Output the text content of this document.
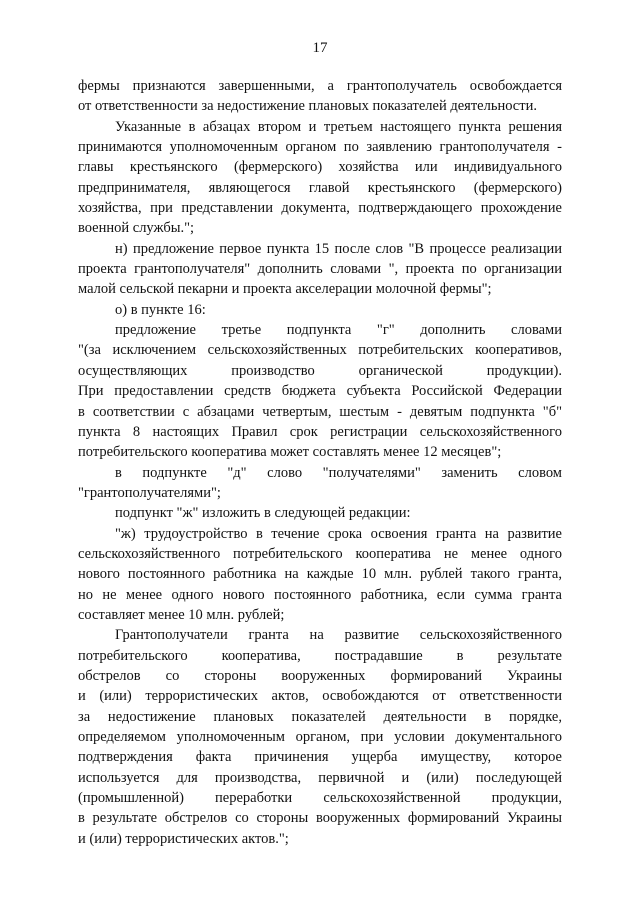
17
фермы признаются завершенными, а грантополучатель освобождается
от ответственности за недостижение плановых показателей деятельности.
Указанные в абзацах втором и третьем настоящего пункта решения
принимаются уполномоченным органом по заявлению грантополучателя -
главы крестьянского (фермерского) хозяйства или индивидуального
предпринимателя, являющегося главой крестьянского (фермерского)
хозяйства, при представлении документа, подтверждающего прохождение
военной службы.";
н) предложение первое пункта 15 после слов "В процессе реализации
проекта грантополучателя" дополнить словами ", проекта по организации
малой сельской пекарни и проекта акселерации молочной фермы";
о) в пункте 16:
предложение третье подпункта "г" дополнить словами
"(за исключением сельскохозяйственных потребительских кооперативов,
осуществляющих производство органической продукции).
При предоставлении средств бюджета субъекта Российской Федерации
в соответствии с абзацами четвертым, шестым - девятым подпункта "б"
пункта 8 настоящих Правил срок регистрации сельскохозяйственного
потребительского кооператива может составлять менее 12 месяцев";
в подпункте "д" слово "получателями" заменить словом
"грантополучателями";
подпункт "ж" изложить в следующей редакции:
"ж) трудоустройство в течение срока освоения гранта на развитие
сельскохозяйственного потребительского кооператива не менее одного
нового постоянного работника на каждые 10 млн. рублей такого гранта,
но не менее одного нового постоянного работника, если сумма гранта
составляет менее 10 млн. рублей;
Грантополучатели гранта на развитие сельскохозяйственного
потребительского кооператива, пострадавшие в результате
обстрелов со стороны вооруженных формирований Украины
и (или) террористических актов, освобождаются от ответственности
за недостижение плановых показателей деятельности в порядке,
определяемом уполномоченным органом, при условии документального
подтверждения факта причинения ущерба имуществу, которое
используется для производства, первичной и (или) последующей
(промышленной) переработки сельскохозяйственной продукции,
в результате обстрелов со стороны вооруженных формирований Украины
и (или) террористических актов.";
